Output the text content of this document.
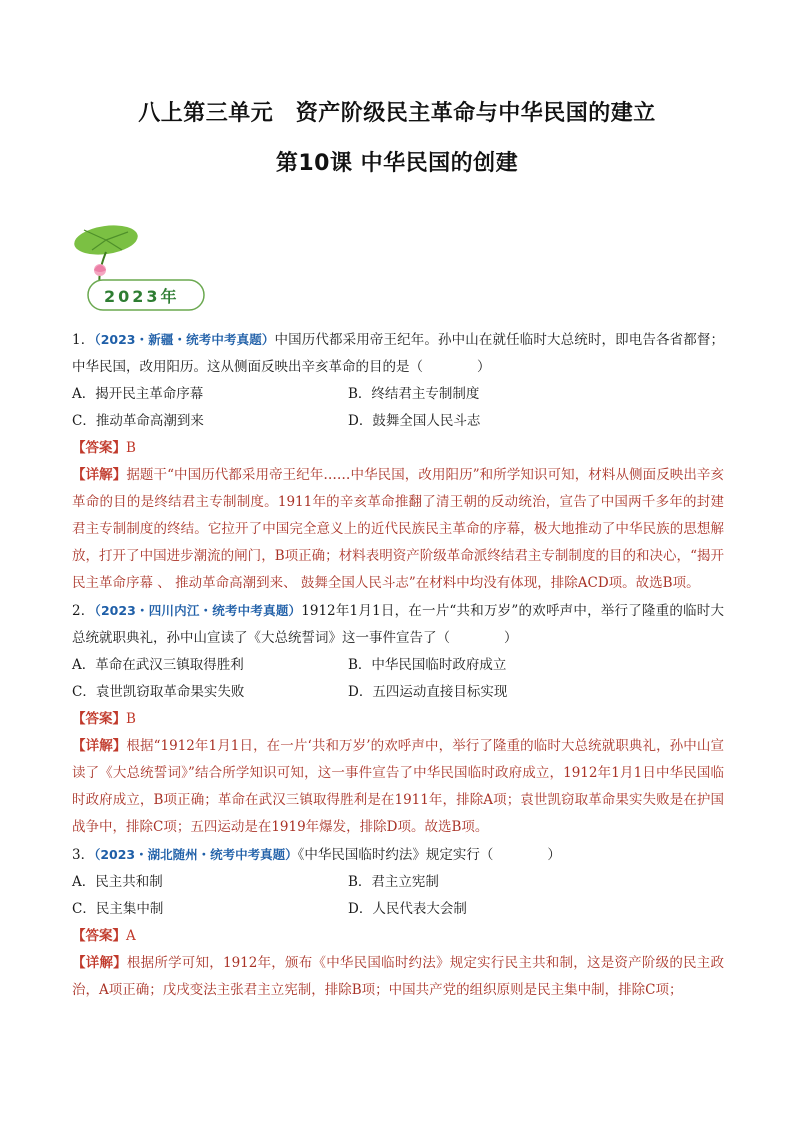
八上第三单元　资产阶级民主革命与中华民国的建立
第10课 中华民国的创建
2023年

1．（2023・新疆・统考中考真题）中国历代都采用帝王纪年。孙中山在就任临时大总统时，即电告各省都督；中华民国，改用阳历。这从侧面反映出辛亥革命的目的是（　　　　）

A．揭开民主革命序幕	B．终结君主专制制度

C．推动革命高潮到来	D．鼓舞全国人民斗志

【答案】B

【详解】据题干“中国历代都采用帝王纪年……中华民国，改用阳历”和所学知识可知，材料从侧面反映出辛亥革命的目的是终结君主专制制度。1911年的辛亥革命推翻了清王朝的反动统治，宣告了中国两千多年的封建君主专制制度的终结。它拉开了中国完全意义上的近代民族民主革命的序幕，极大地推动了中华民族的思想解放，打开了中国进步潮流的闸门，B项正确；材料表明资产阶级革命派终结君主专制制度的目的和决心，“揭开民主革命序幕 、 推动革命高潮到来、 鼓舞全国人民斗志”在材料中均没有体现，排除ACD项。故选B项。

2．（2023・四川内江・统考中考真题）1912年1月1日，在一片“共和万岁”的欢呼声中，举行了隆重的临时大总统就职典礼，孙中山宣读了《大总统誓词》这一事件宣告了（　　　　）

A．革命在武汉三镇取得胜利	B．中华民国临时政府成立

C．袁世凯窃取革命果实失败	D．五四运动直接目标实现

【答案】B

【详解】根据“1912年1月1日，在一片‘共和万岁’的欢呼声中，举行了隆重的临时大总统就职典礼，孙中山宣读了《大总统誓词》”结合所学知识可知，这一事件宣告了中华民国临时政府成立，1912年1月1日中华民国临时政府成立，B项正确；革命在武汉三镇取得胜利是在1911年，排除A项；袁世凯窃取革命果实失败是在护国战争中，排除C项；五四运动是在1919年爆发，排除D项。故选B项。

3．（2023・湖北随州・统考中考真题）《中华民国临时约法》规定实行（　　　　）

A．民主共和制	B．君主立宪制

C．民主集中制	D．人民代表大会制

【答案】A

【详解】根据所学可知，1912年，颁布《中华民国临时约法》规定实行民主共和制，这是资产阶级的民主政治，A项正确；戊戌变法主张君主立宪制，排除B项；中国共产党的组织原则是民主集中制，排除C项；
